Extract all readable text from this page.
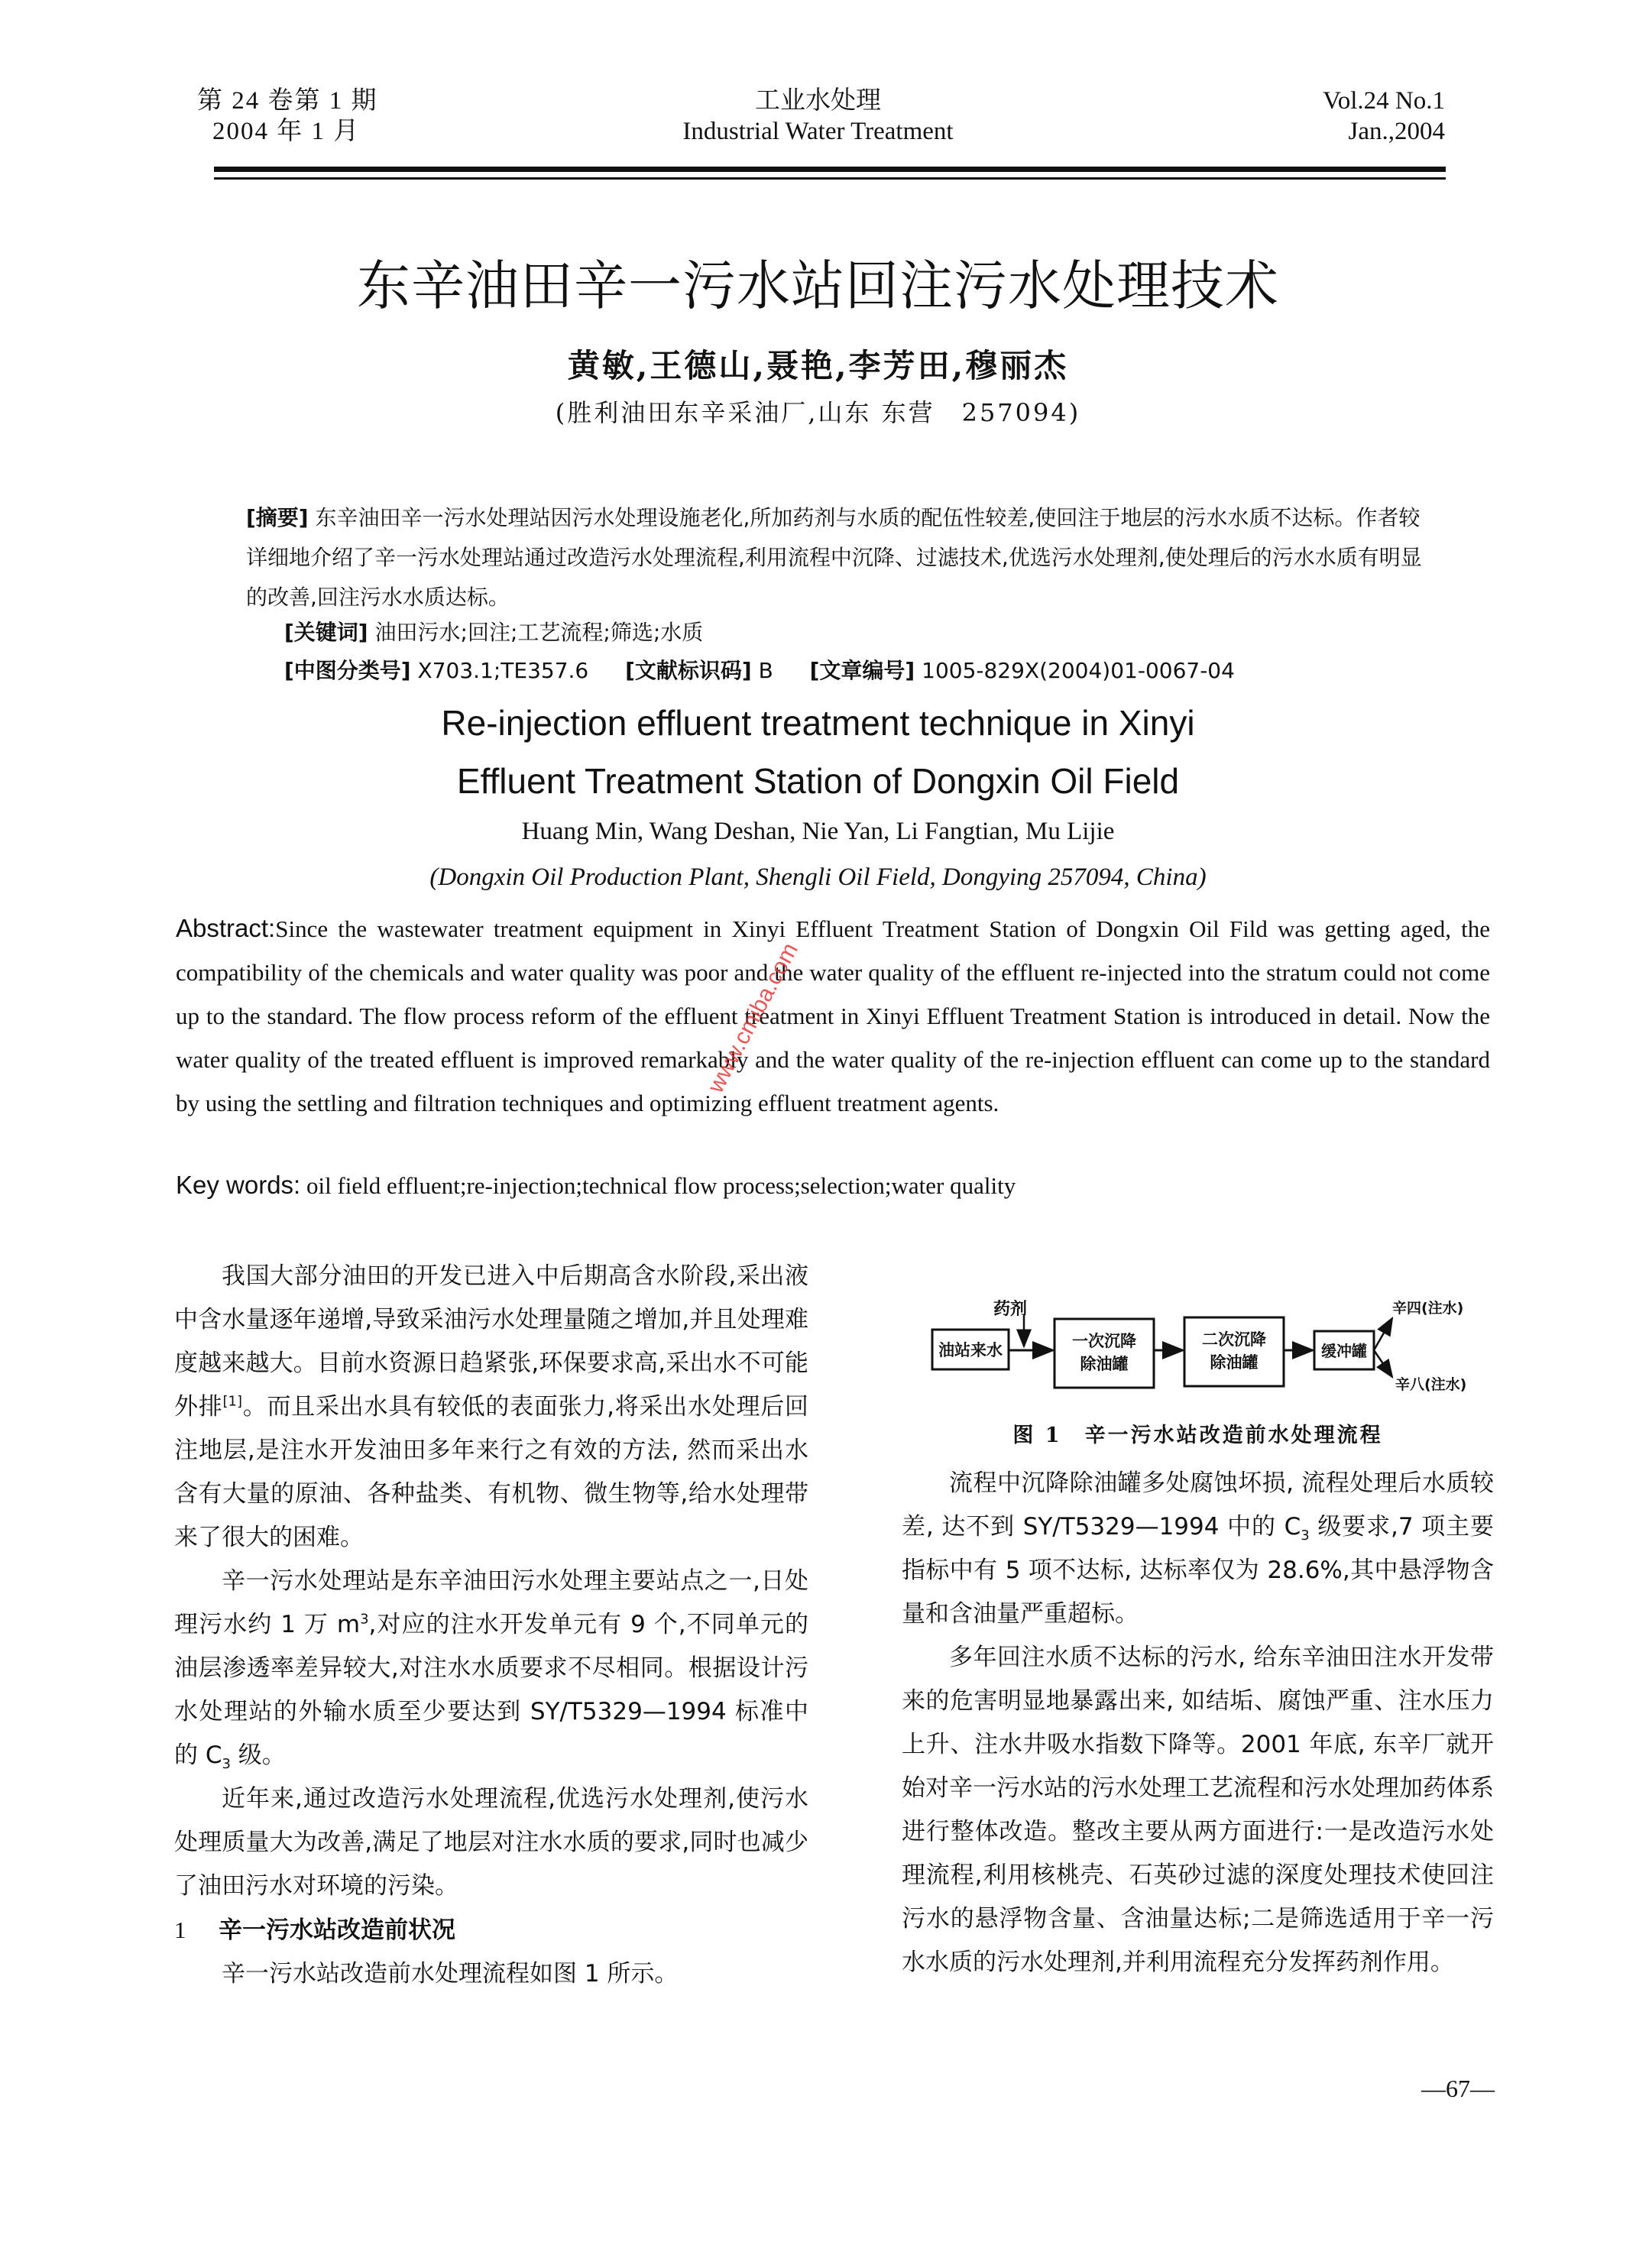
第 24 卷第 1 期
2004 年 1 月
工业水处理
Industrial Water Treatment
Vol.24 No.1
Jan.,2004
东辛油田辛一污水站回注污水处理技术
黄敏,王德山,聂艳,李芳田,穆丽杰
(胜利油田东辛采油厂,山东 东营　257094)
[摘要] 东辛油田辛一污水处理站因污水处理设施老化,所加药剂与水质的配伍性较差,使回注于地层的污水水质不达标。作者较详细地介绍了辛一污水处理站通过改造污水处理流程,利用流程中沉降、过滤技术,优选污水处理剂,使处理后的污水水质有明显的改善,回注污水水质达标。
[关键词] 油田污水;回注;工艺流程;筛选;水质
[中图分类号] X703.1;TE357.6 [文献标识码] B [文章编号] 1005-829X(2004)01-0067-04
Re-injection effluent treatment technique in Xinyi
Effluent Treatment Station of Dongxin Oil Field
Huang Min, Wang Deshan, Nie Yan, Li Fangtian, Mu Lijie
(Dongxin Oil Production Plant, Shengli Oil Field, Dongying 257094, China)
Abstract:Since the wastewater treatment equipment in Xinyi Effluent Treatment Station of Dongxin Oil Fild was getting aged, the compatibility of the chemicals and water quality was poor and the water quality of the effluent re-injected into the stratum could not come up to the standard. The flow process reform of the effluent treatment in Xinyi Effluent Treatment Station is introduced in detail. Now the water quality of the treated effluent is improved remarkably and the water quality of the re-injection effluent can come up to the standard by using the settling and filtration techniques and optimizing effluent treatment agents.
Key words: oil field effluent;re-injection;technical flow process;selection;water quality
www.cmiba.com

我国大部分油田的开发已进入中后期高含水阶段,采出液中含水量逐年递增,导致采油污水处理量随之增加,并且处理难度越来越大。目前水资源日趋紧张,环保要求高,采出水不可能外排[1]。而且采出水具有较低的表面张力,将采出水处理后回注地层,是注水开发油田多年来行之有效的方法, 然而采出水含有大量的原油、各种盐类、有机物、微生物等,给水处理带来了很大的困难。

辛一污水处理站是东辛油田污水处理主要站点之一,日处理污水约 1 万 $m^3$,对应的注水开发单元有 9 个,不同单元的油层渗透率差异较大,对注水水质要求不尽相同。根据设计污水处理站的外输水质至少要达到 SY/T5329—1994 标准中的 $C_3$ 级。

近年来,通过改造污水处理流程,优选污水处理剂,使污水处理质量大为改善,满足了地层对注水水质的要求,同时也减少了油田污水对环境的污染。

1 辛一污水站改造前状况

辛一污水站改造前水处理流程如图 1 所示。

药剂
油站来水	一次沉降
除油罐
二次沉降
除油罐
缓冲罐
辛四(注水)
辛八(注水)
图 1　辛一污水站改造前水处理流程

流程中沉降除油罐多处腐蚀坏损, 流程处理后水质较差, 达不到 SY/T5329—1994 中的 $C_3$ 级要求,7 项主要指标中有 5 项不达标, 达标率仅为 28.6%,其中悬浮物含量和含油量严重超标。

多年回注水质不达标的污水, 给东辛油田注水开发带来的危害明显地暴露出来, 如结垢、腐蚀严重、注水压力上升、注水井吸水指数下降等。2001 年底, 东辛厂就开始对辛一污水站的污水处理工艺流程和污水处理加药体系进行整体改造。整改主要从两方面进行:一是改造污水处理流程,利用核桃壳、石英砂过滤的深度处理技术使回注污水的悬浮物含量、含油量达标;二是筛选适用于辛一污水水质的污水处理剂,并利用流程充分发挥药剂作用。

—67—
